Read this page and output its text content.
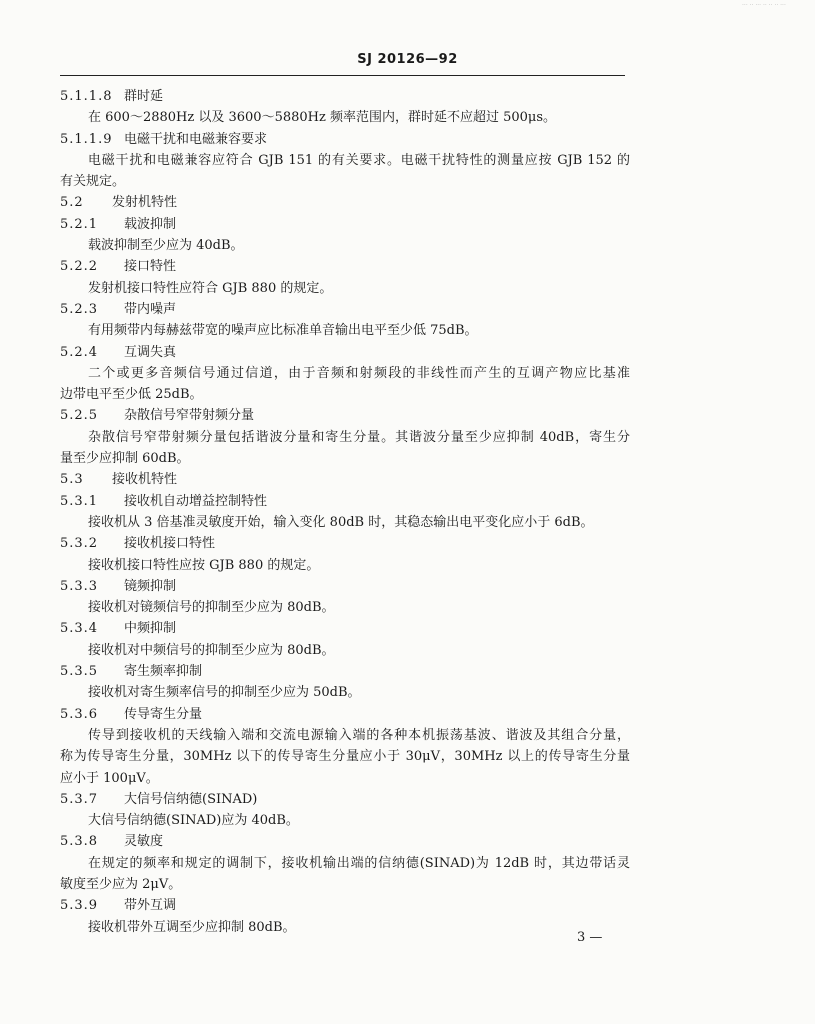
··· ·· ··· ·· ·· ·· ···
SJ 20126—92
5.1.1.8 群时延
在 600～2880Hz 以及 3600～5880Hz 频率范围内，群时延不应超过 500μs。
5.1.1.9 电磁干扰和电磁兼容要求
电磁干扰和电磁兼容应符合 GJB 151 的有关要求。电磁干扰特性的测量应按 GJB 152 的
有关规定。
5.2 发射机特性
5.2.1 载波抑制
载波抑制至少应为 40dB。
5.2.2 接口特性
发射机接口特性应符合 GJB 880 的规定。
5.2.3 带内噪声
有用频带内每赫兹带宽的噪声应比标准单音输出电平至少低 75dB。
5.2.4 互调失真
二个或更多音频信号通过信道，由于音频和射频段的非线性而产生的互调产物应比基准
边带电平至少低 25dB。
5.2.5 杂散信号窄带射频分量
杂散信号窄带射频分量包括谐波分量和寄生分量。其谐波分量至少应抑制 40dB，寄生分
量至少应抑制 60dB。
5.3 接收机特性
5.3.1 接收机自动增益控制特性
接收机从 3 倍基准灵敏度开始，输入变化 80dB 时，其稳态输出电平变化应小于 6dB。
5.3.2 接收机接口特性
接收机接口特性应按 GJB 880 的规定。
5.3.3 镜频抑制
接收机对镜频信号的抑制至少应为 80dB。
5.3.4 中频抑制
接收机对中频信号的抑制至少应为 80dB。
5.3.5 寄生频率抑制
接收机对寄生频率信号的抑制至少应为 50dB。
5.3.6 传导寄生分量
传导到接收机的天线输入端和交流电源输入端的各种本机振荡基波、谐波及其组合分量，
称为传导寄生分量，30MHz 以下的传导寄生分量应小于 30μV，30MHz 以上的传导寄生分量
应小于 100μV。
5.3.7 大信号信纳德(SINAD)
大信号信纳德(SINAD)应为 40dB。
5.3.8 灵敏度
在规定的频率和规定的调制下，接收机输出端的信纳德(SINAD)为 12dB 时，其边带话灵
敏度至少应为 2μV。
5.3.9 带外互调
接收机带外互调至少应抑制 80dB。
3 —
